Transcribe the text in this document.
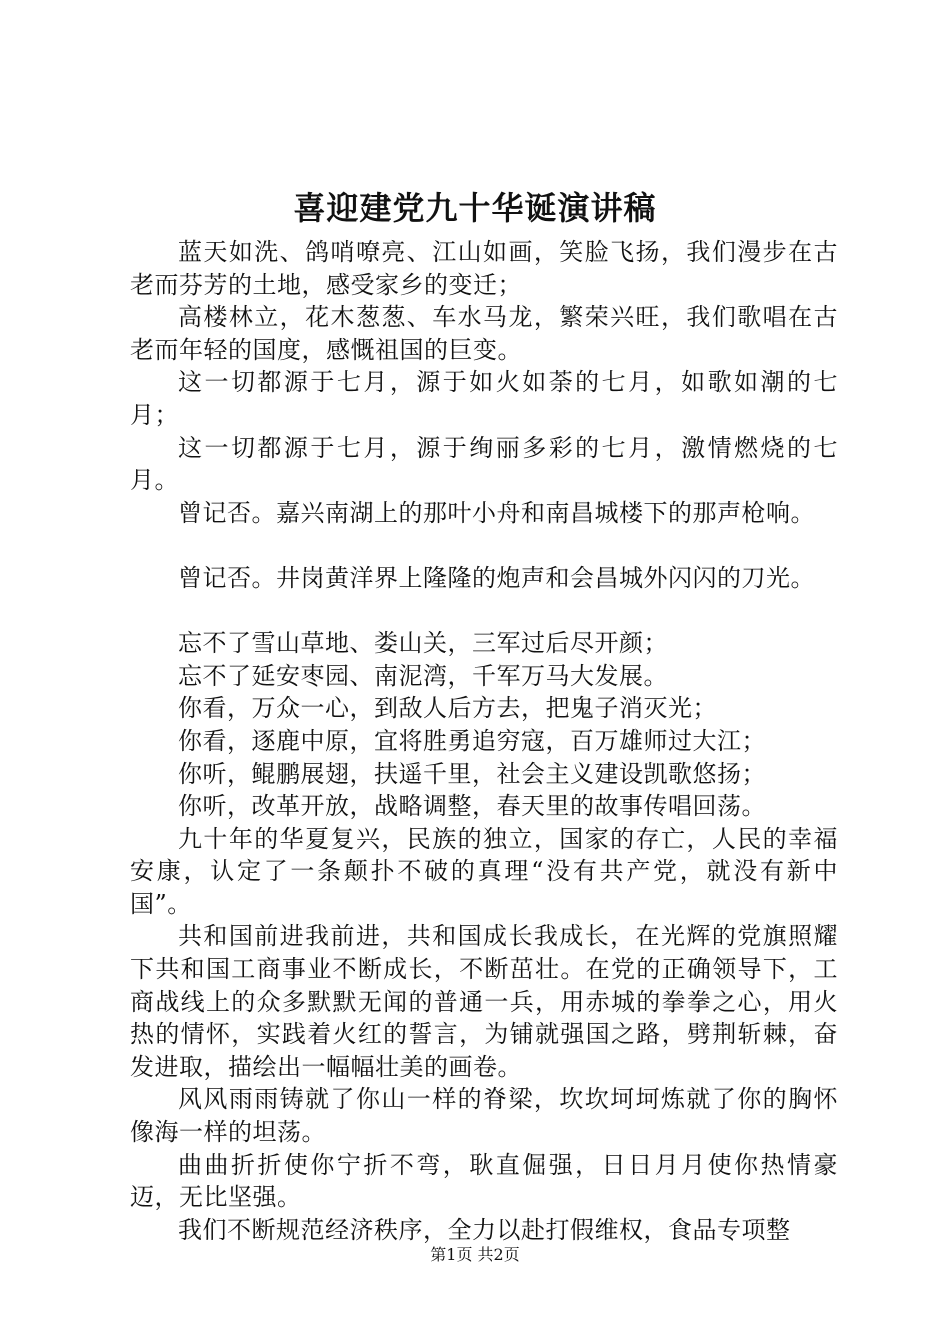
喜迎建党九十华诞演讲稿

蓝天如洗、鸽哨嘹亮、江山如画，笑脸飞扬，我们漫步在古老而芬芳的土地，感受家乡的变迁；

高楼林立，花木葱葱、车水马龙，繁荣兴旺，我们歌唱在古老而年轻的国度，感慨祖国的巨变。

这一切都源于七月，源于如火如荼的七月，如歌如潮的七月；

这一切都源于七月，源于绚丽多彩的七月，激情燃烧的七月。

曾记否。嘉兴南湖上的那叶小舟和南昌城楼下的那声枪响。

曾记否。井岗黄洋界上隆隆的炮声和会昌城外闪闪的刀光。

忘不了雪山草地、娄山关，三军过后尽开颜；

忘不了延安枣园、南泥湾，千军万马大发展。

你看，万众一心，到敌人后方去，把鬼子消灭光；

你看，逐鹿中原，宜将胜勇追穷寇，百万雄师过大江；

你听，鲲鹏展翅，扶遥千里，社会主义建设凯歌悠扬；

你听，改革开放，战略调整，春天里的故事传唱回荡。

九十年的华夏复兴，民族的独立，国家的存亡，人民的幸福安康，认定了一条颠扑不破的真理“没有共产党，就没有新中国”。

共和国前进我前进，共和国成长我成长，在光辉的党旗照耀下共和国工商事业不断成长，不断茁壮。在党的正确领导下，工商战线上的众多默默无闻的普通一兵，用赤城的拳拳之心，用火热的情怀，实践着火红的誓言，为铺就强国之路，劈荆斩棘，奋发进取，描绘出一幅幅壮美的画卷。

风风雨雨铸就了你山一样的脊梁，坎坎坷坷炼就了你的胸怀像海一样的坦荡。

曲曲折折使你宁折不弯，耿直倔强，日日月月使你热情豪迈，无比坚强。

我们不断规范经济秩序，全力以赴打假维权，食品专项整

第1页 共2页
